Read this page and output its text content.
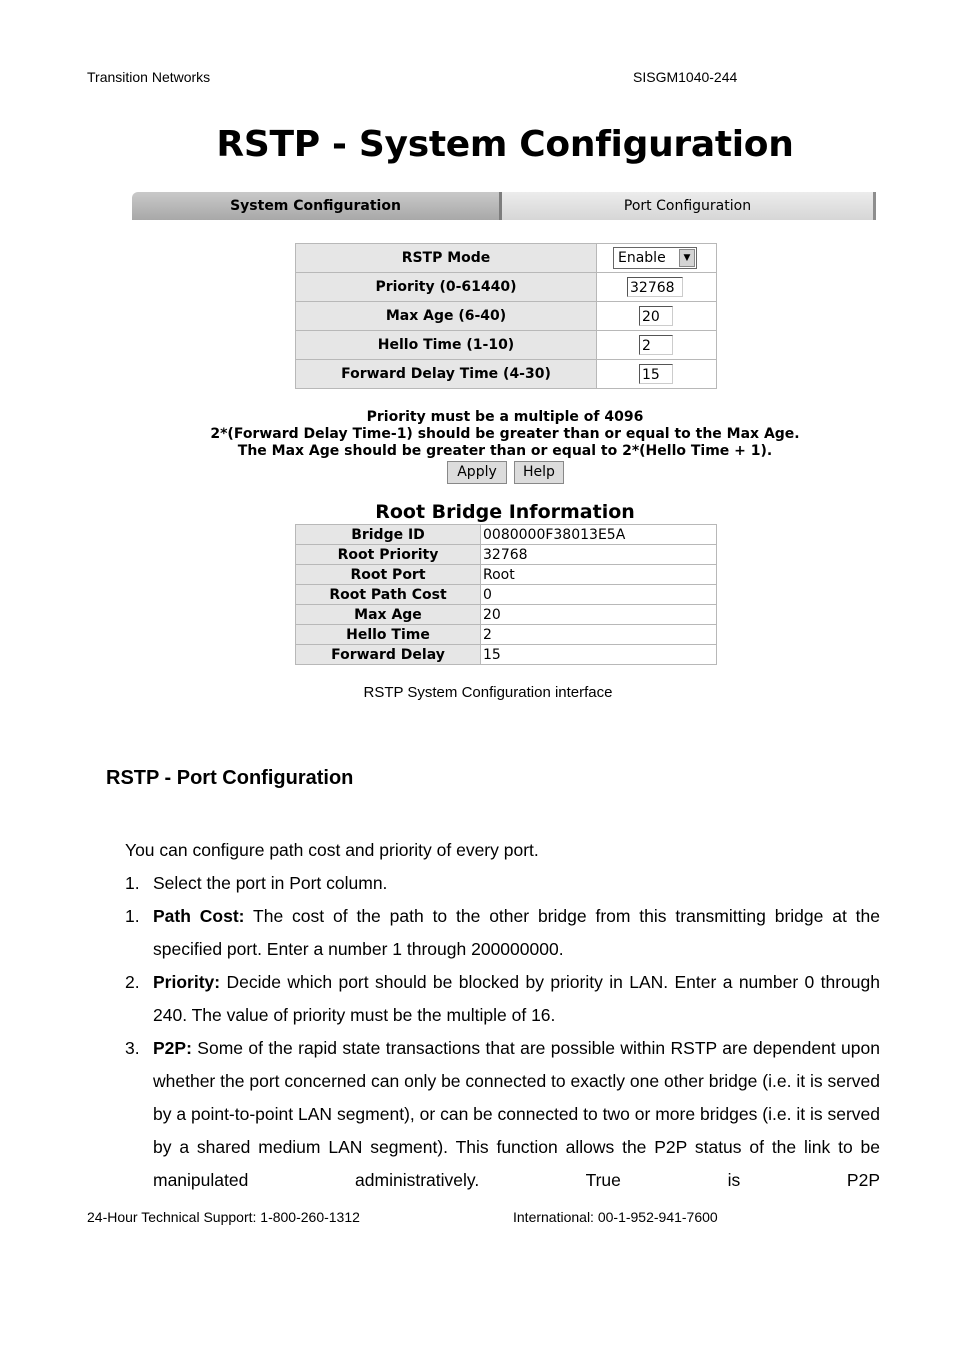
Transition Networks	SISGM1040-244
RSTP - System Configuration
System Configuration	Port Configuration
RSTP Mode	Enable ▼

Priority (0-61440)	32768
Max Age (6-40)	20
Hello Time (1-10)	2
Forward Delay Time (4-30)	15
Priority must be a multiple of 4096
2*(Forward Delay Time-1) should be greater than or equal to the Max Age.
The Max Age should be greater than or equal to 2*(Hello Time + 1).
Apply	Help
Root Bridge Information
Bridge ID	0080000F38013E5A
Root Priority	32768
Root Port	Root
Root Path Cost	0
Max Age	20
Hello Time	2
Forward Delay	15
RSTP System Configuration interface
RSTP - Port Configuration
You can configure path cost and priority of every port.
1. Select the port in Port column.
1. Path Cost: The cost of the path to the other bridge from this transmitting bridge at the specified port. Enter a number 1 through 200000000.
2. Priority: Decide which port should be blocked by priority in LAN. Enter a number 0 through 240. The value of priority must be the multiple of 16.
3. P2P: Some of the rapid state transactions that are possible within RSTP are dependent upon whether the port concerned can only be connected to exactly one other bridge (i.e. it is served by a point-to-point LAN segment), or can be connected to two or more bridges (i.e. it is served by a shared medium LAN segment). This function allows the P2P status of the link to be manipulated administratively. True is P2P
24-Hour Technical Support: 1-800-260-1312	International: 00-1-952-941-7600
